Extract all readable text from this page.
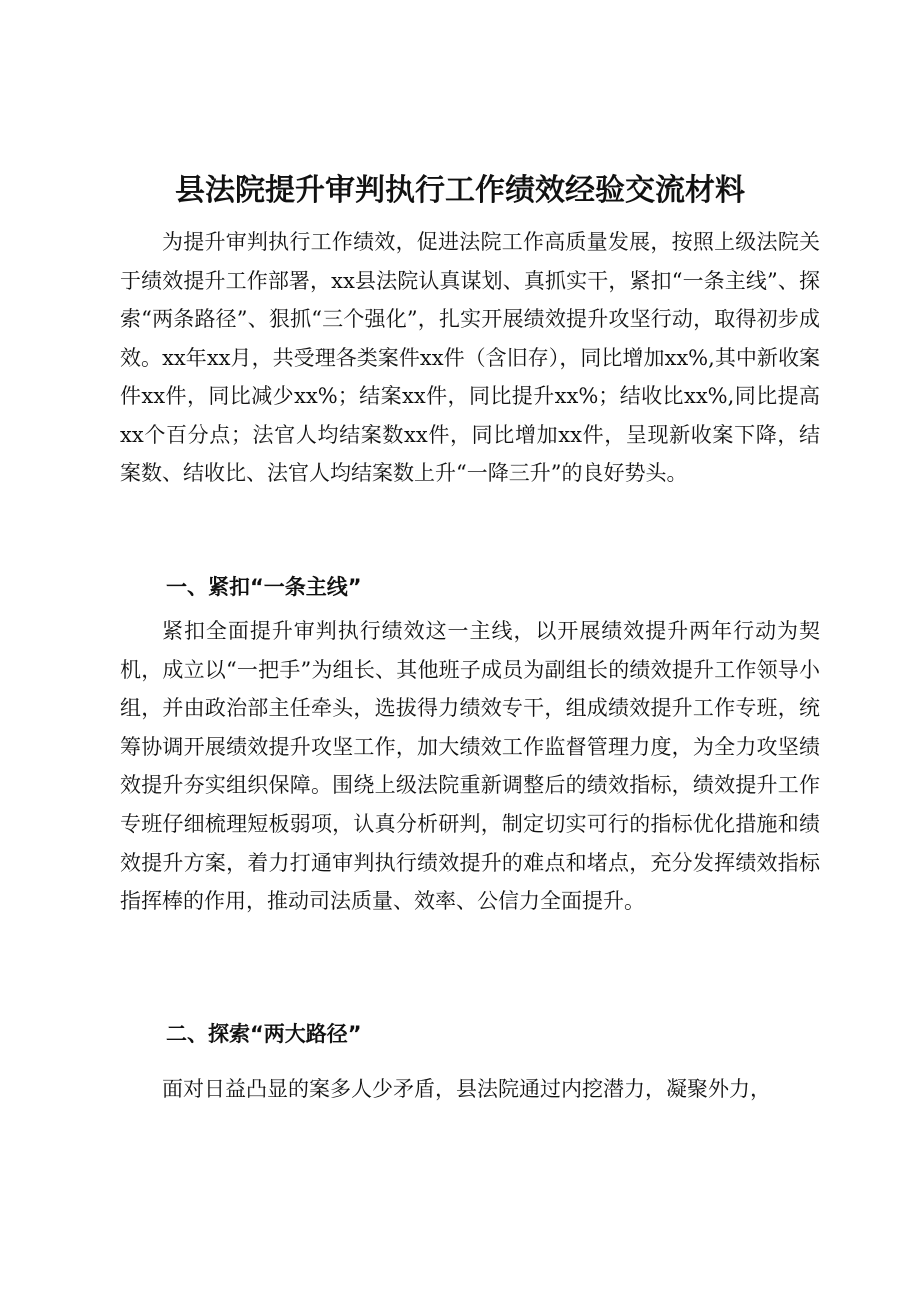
县法院提升审判执行工作绩效经验交流材料

为提升审判执行工作绩效，促进法院工作高质量发展，按照上级法院关于绩效提升工作部署，xx县法院认真谋划、真抓实干，紧扣“一条主线”、探索“两条路径”、狠抓“三个强化”，扎实开展绩效提升攻坚行动，取得初步成效。xx年xx月，共受理各类案件xx件（含旧存），同比增加xx%,其中新收案件xx件，同比减少xx%；结案xx件，同比提升xx%；结收比xx%,同比提高xx个百分点；法官人均结案数xx件，同比增加xx件，呈现新收案下降，结案数、结收比、法官人均结案数上升“一降三升”的良好势头。

一、紧扣“一条主线”

紧扣全面提升审判执行绩效这一主线，以开展绩效提升两年行动为契机，成立以“一把手”为组长、其他班子成员为副组长的绩效提升工作领导小组，并由政治部主任牵头，选拔得力绩效专干，组成绩效提升工作专班，统筹协调开展绩效提升攻坚工作，加大绩效工作监督管理力度，为全力攻坚绩效提升夯实组织保障。围绕上级法院重新调整后的绩效指标，绩效提升工作专班仔细梳理短板弱项，认真分析研判，制定切实可行的指标优化措施和绩效提升方案，着力打通审判执行绩效提升的难点和堵点，充分发挥绩效指标指挥棒的作用，推动司法质量、效率、公信力全面提升。

二、探索“两大路径”

面对日益凸显的案多人少矛盾，县法院通过内挖潜力，凝聚外力，
